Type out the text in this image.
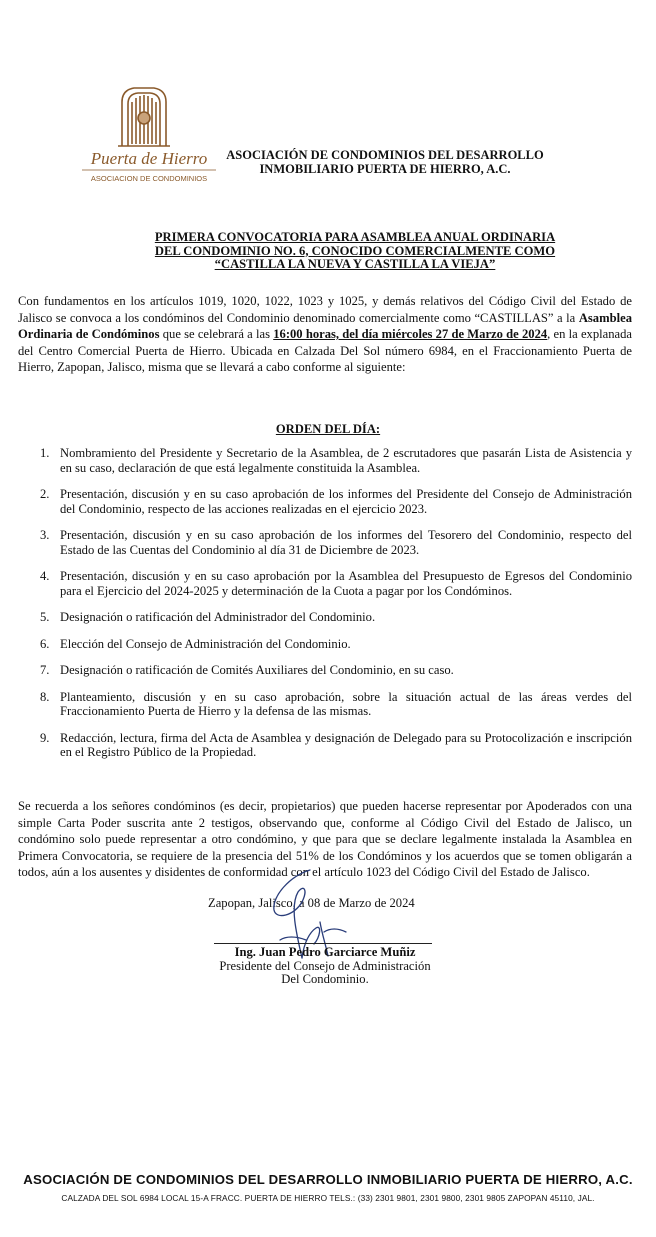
Puerta de Hierro
ASOCIACION DE CONDOMINIOS
ASOCIACIÓN DE CONDOMINIOS DEL DESARROLLO
INMOBILIARIO PUERTA DE HIERRO, A.C.
PRIMERA CONVOCATORIA PARA ASAMBLEA ANUAL ORDINARIA
DEL CONDOMINIO NO. 6, CONOCIDO COMERCIALMENTE COMO
“CASTILLA LA NUEVA Y CASTILLA LA VIEJA”
Con fundamentos en los artículos 1019, 1020, 1022, 1023 y 1025, y demás relativos del Código Civil del Estado de Jalisco se convoca a los condóminos del Condominio denominado comercialmente como “CASTILLAS” a la Asamblea Ordinaria de Condóminos que se celebrará a las 16:00 horas, del día miércoles 27 de Marzo de 2024, en la explanada del Centro Comercial Puerta de Hierro. Ubicada en Calzada Del Sol número 6984, en el Fraccionamiento Puerta de Hierro, Zapopan, Jalisco, misma que se llevará a cabo conforme al siguiente:
ORDEN DEL DÍA:
1. Nombramiento del Presidente y Secretario de la Asamblea, de 2 escrutadores que pasarán Lista de Asistencia y en su caso, declaración de que está legalmente constituida la Asamblea.
2. Presentación, discusión y en su caso aprobación de los informes del Presidente del Consejo de Administración del Condominio, respecto de las acciones realizadas en el ejercicio 2023.
3. Presentación, discusión y en su caso aprobación de los informes del Tesorero del Condominio, respecto del Estado de las Cuentas del Condominio al día 31 de Diciembre de 2023.
4. Presentación, discusión y en su caso aprobación por la Asamblea del Presupuesto de Egresos del Condominio para el Ejercicio del 2024-2025 y determinación de la Cuota a pagar por los Condóminos.
5. Designación o ratificación del Administrador del Condominio.
6. Elección del Consejo de Administración del Condominio.
7. Designación o ratificación de Comités Auxiliares del Condominio, en su caso.
8. Planteamiento, discusión y en su caso aprobación, sobre la situación actual de las áreas verdes del Fraccionamiento Puerta de Hierro y la defensa de las mismas.
9. Redacción, lectura, firma del Acta de Asamblea y designación de Delegado para su Protocolización e inscripción en el Registro Público de la Propiedad.
Se recuerda a los señores condóminos (es decir, propietarios) que pueden hacerse representar por Apoderados con una simple Carta Poder suscrita ante 2 testigos, observando que, conforme al Código Civil del Estado de Jalisco, un condómino solo puede representar a otro condómino, y que para que se declare legalmente instalada la Asamblea en Primera Convocatoria, se requiere de la presencia del 51% de los Condóminos y los acuerdos que se tomen obligarán a todos, aún a los ausentes y disidentes de conformidad con el artículo 1023 del Código Civil del Estado de Jalisco.
Zapopan, Jalisco, a 08 de Marzo de 2024
Ing. Juan Pedro Garciarce Muñiz
Presidente del Consejo de Administración
Del Condominio.
ASOCIACIÓN DE CONDOMINIOS DEL DESARROLLO INMOBILIARIO PUERTA DE HIERRO, A.C.
CALZADA DEL SOL 6984 LOCAL 15-A FRACC. PUERTA DE HIERRO TELS.: (33) 2301 9801, 2301 9800, 2301 9805 ZAPOPAN 45110, JAL.
